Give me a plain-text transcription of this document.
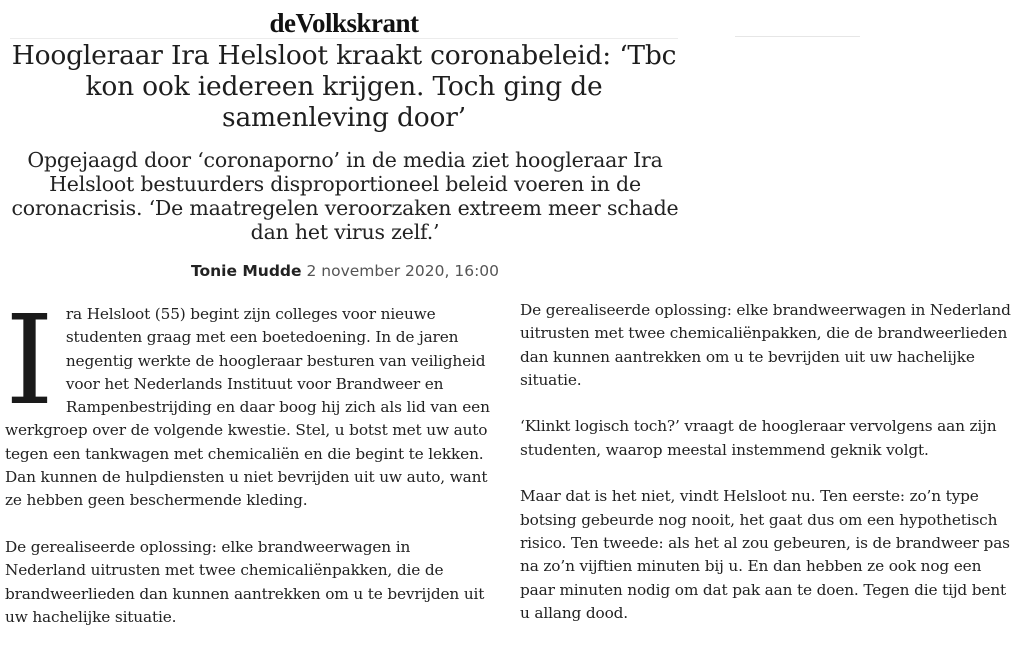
deVolkskrant
Hoogleraar Ira Helsloot kraakt coronabeleid: ‘Tbc kon ook iedereen krijgen. Toch ging de samenleving door’

Opgejaagd door ‘coronaporno’ in de media ziet hoogleraar Ira Helsloot bestuurders disproportioneel beleid voeren in de coronacrisis. ‘De maatregelen veroorzaken extreem meer schade dan het virus zelf.’

Tonie Mudde 2 november 2020, 16:00

Ira Helsloot (55) begint zijn colleges voor nieuwe studenten graag met een boetedoening. In de jaren negentig werkte de hoogleraar besturen van veiligheid voor het Nederlands Instituut voor Brandweer en Rampenbestrijding en daar boog hij zich als lid van een werkgroep over de volgende kwestie. Stel, u botst met uw auto tegen een tankwagen met chemicaliën en die begint te lekken. Dan kunnen de hulpdiensten u niet bevrijden uit uw auto, want ze hebben geen beschermende kleding.

De gerealiseerde oplossing: elke brandweerwagen in Nederland uitrusten met twee chemicaliënpakken, die de brandweerlieden dan kunnen aantrekken om u te bevrijden uit uw hachelijke situatie.

De gerealiseerde oplossing: elke brandweerwagen in Nederland uitrusten met twee chemicaliënpakken, die de brandweerlieden dan kunnen aantrekken om u te bevrijden uit uw hachelijke situatie.

‘Klinkt logisch toch?’ vraagt de hoogleraar vervolgens aan zijn studenten, waarop meestal instemmend geknik volgt.

Maar dat is het niet, vindt Helsloot nu. Ten eerste: zo’n type botsing gebeurde nog nooit, het gaat dus om een hypothetisch risico. Ten tweede: als het al zou gebeuren, is de brandweer pas na zo’n vijftien minuten bij u. En dan hebben ze ook nog een paar minuten nodig om dat pak aan te doen. Tegen die tijd bent u allang dood.
